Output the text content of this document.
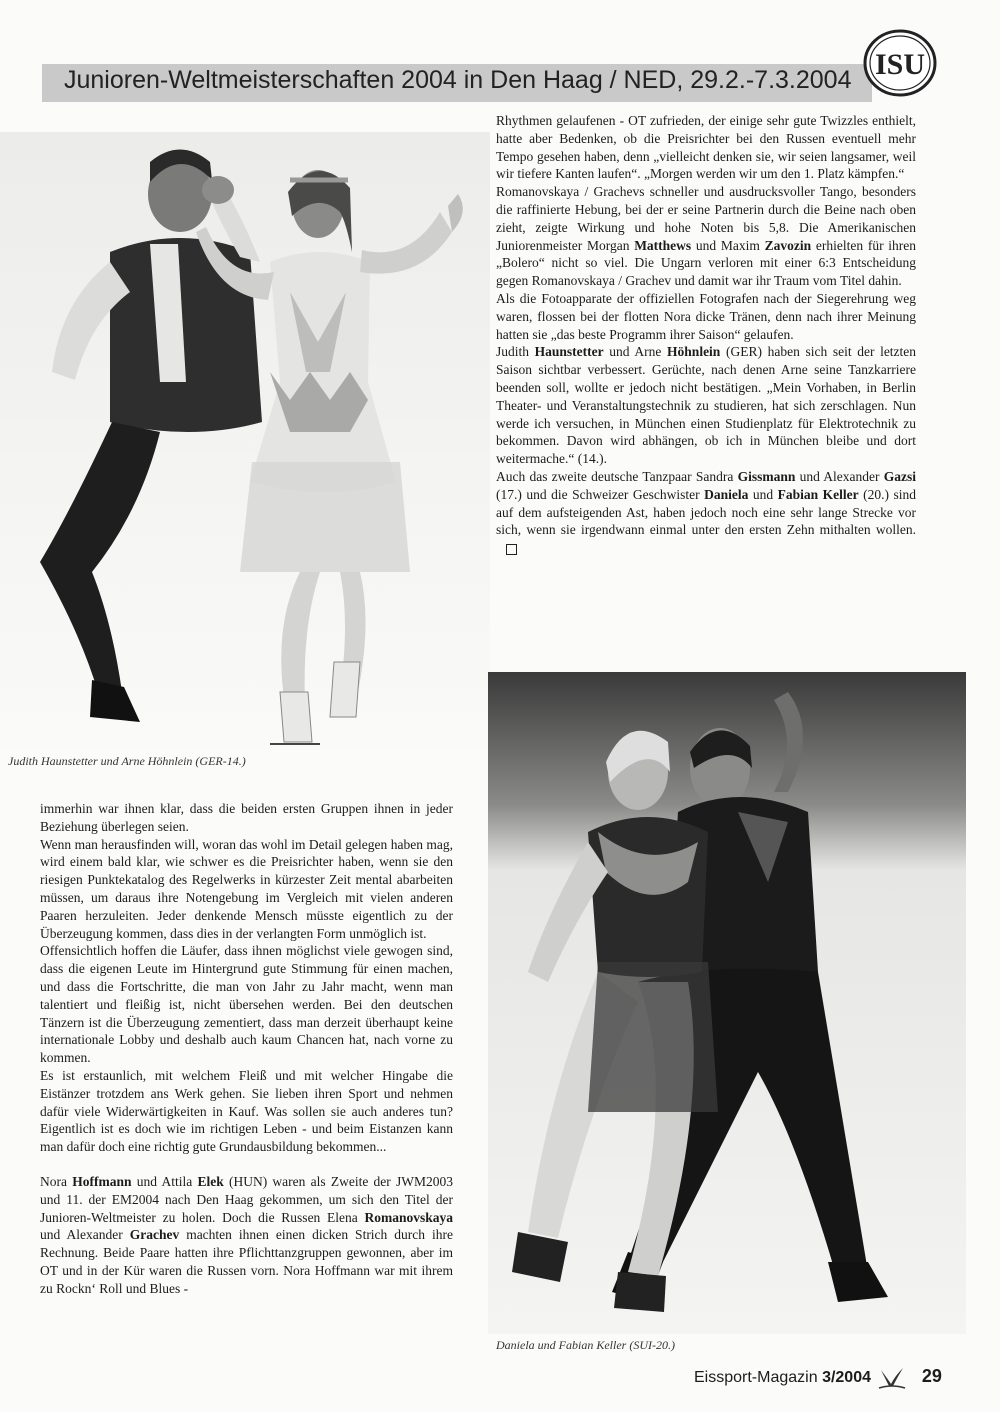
Junioren-Weltmeisterschaften 2004 in Den Haag / NED, 29.2.-7.3.2004 ISU
Judith Haunstetter und Arne Höhnlein (GER-14.)
Daniela und Fabian Keller (SUI-20.)

Rhythmen gelaufenen - OT zufrieden, der einige sehr gute Twizzles enthielt, hatte aber Bedenken, ob die Preisrichter bei den Russen eventuell mehr Tempo gesehen haben, denn „vielleicht denken sie, wir seien langsamer, weil wir tiefere Kanten laufen“. „Morgen werden wir um den 1. Platz kämpfen.“

Romanovskaya / Grachevs schneller und ausdrucksvoller Tango, besonders die raffinierte Hebung, bei der er seine Partnerin durch die Beine nach oben zieht, zeigte Wirkung und hohe Noten bis 5,8. Die Amerikanischen Juniorenmeister Morgan Matthews und Maxim Zavozin erhielten für ihren „Bolero“ nicht so viel. Die Ungarn verloren mit einer 6:3 Entscheidung gegen Romanovskaya / Grachev und damit war ihr Traum vom Titel dahin.

Als die Fotoapparate der offiziellen Fotografen nach der Siegerehrung weg waren, flossen bei der flotten Nora dicke Tränen, denn nach ihrer Meinung hatten sie „das beste Programm ihrer Saison“ gelaufen.

Judith Haunstetter und Arne Höhnlein (GER) haben sich seit der letzten Saison sichtbar verbessert. Gerüchte, nach denen Arne seine Tanzkarriere beenden soll, wollte er jedoch nicht bestätigen. „Mein Vorhaben, in Berlin Theater- und Veranstaltungstechnik zu studieren, hat sich zerschlagen. Nun werde ich versuchen, in München einen Studienplatz für Elektrotechnik zu bekommen. Davon wird abhängen, ob ich in München bleibe und dort weitermache.“ (14.).

Auch das zweite deutsche Tanzpaar Sandra Gissmann und Alexander Gazsi (17.) und die Schweizer Geschwister Daniela und Fabian Keller (20.) sind auf dem aufsteigenden Ast, haben jedoch noch eine sehr lange Strecke vor sich, wenn sie irgendwann einmal unter den ersten Zehn mithalten wollen.

immerhin war ihnen klar, dass die beiden ersten Gruppen ihnen in jeder Beziehung überlegen seien.

Wenn man herausfinden will, woran das wohl im Detail gelegen haben mag, wird einem bald klar, wie schwer es die Preisrichter haben, wenn sie den riesigen Punktekatalog des Regelwerks in kürzester Zeit mental abarbeiten müssen, um daraus ihre Notengebung im Vergleich mit vielen anderen Paaren herzuleiten. Jeder denkende Mensch müsste eigentlich zu der Überzeugung kommen, dass dies in der verlangten Form unmöglich ist.

Offensichtlich hoffen die Läufer, dass ihnen möglichst viele gewogen sind, dass die eigenen Leute im Hintergrund gute Stimmung für einen machen, und dass die Fortschritte, die man von Jahr zu Jahr macht, wenn man talentiert und fleißig ist, nicht übersehen werden. Bei den deutschen Tänzern ist die Überzeugung zementiert, dass man derzeit überhaupt keine internationale Lobby und deshalb auch kaum Chancen hat, nach vorne zu kommen.

Es ist erstaunlich, mit welchem Fleiß und mit welcher Hingabe die Eistänzer trotzdem ans Werk gehen. Sie lieben ihren Sport und nehmen dafür viele Widerwärtigkeiten in Kauf. Was sollen sie auch anderes tun? Eigentlich ist es doch wie im richtigen Leben - und beim Eistanzen kann man dafür doch eine richtig gute Grundausbildung bekommen...

Nora Hoffmann und Attila Elek (HUN) waren als Zweite der JWM2003 und 11. der EM2004 nach Den Haag gekommen, um sich den Titel der Junioren-Weltmeister zu holen. Doch die Russen Elena Romanovskaya und Alexander Grachev machten ihnen einen dicken Strich durch ihre Rechnung. Beide Paare hatten ihre Pflichttanzgruppen gewonnen, aber im OT und in der Kür waren die Russen vorn. Nora Hoffmann war mit ihrem zu Rockn‘ Roll und Blues -

Eissport-Magazin 3/2004	29
